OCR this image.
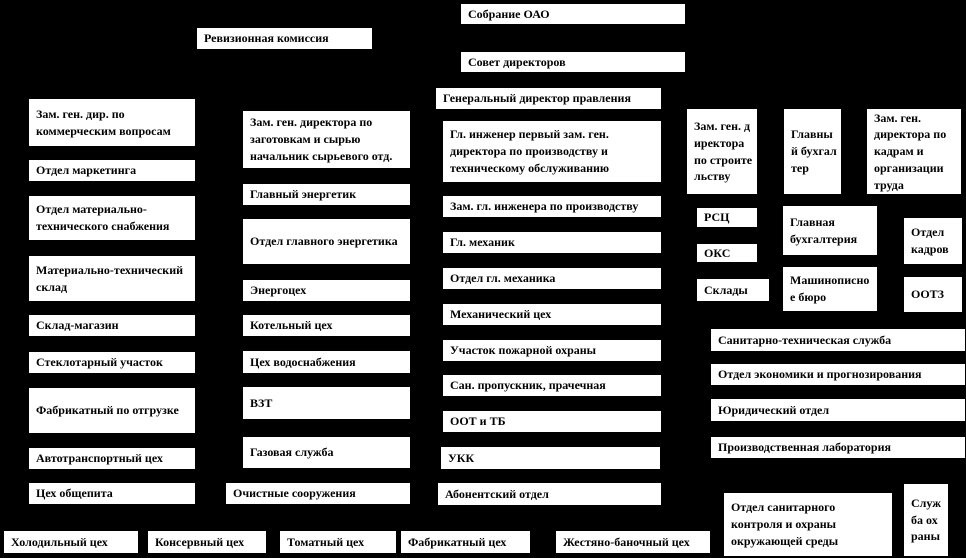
Собрание ОАО
Ревизионная комиссия
Совет директоров
Генеральный директор правления
Гл. инженер первый зам. ген. директора по производству и техническому обслуживанию
Зам. гл. инженера по производству
Гл. механик
Отдел гл. механика
Механический цех
Участок пожарной охраны
Сан. пропускник, прачечная
ООТ и ТБ
УКК
Абонентский отдел
Зам. ген. дир. по коммерческим вопросам
Отдел маркетинга
Отдел материально-технического снабжения
Материально-технический склад
Склад-магазин
Стеклотарный участок
Фабрикатный по отгрузке
Автотранспортный цех
Цех общепита
Зам. ген. директора по заготовкам и сырью начальник сырьевого отд.
Главный энергетик
Отдел главного энергетика
Энергоцех
Котельный цех
Цех водоснабжения
ВЗТ
Газовая служба
Очистные сооружения
Зам. ген. директора по строительству
РСЦ
ОКС
Склады
Главный бухгалтер
Главная бухгалтерия
Машинописное бюро
Зам. ген. директора по кадрам и организации труда
Отдел кадров
ООТЗ
Санитарно-техническая служба
Отдел экономики и прогнозирования
Юридический отдел
Производственная лаборатория
Отдел санитарного контроля и охраны окружающей среды
Служба охраны
Холодильный цех	Консервный цех	Томатный цех	Фабрикатный цех	Жестяно-баночный цех
